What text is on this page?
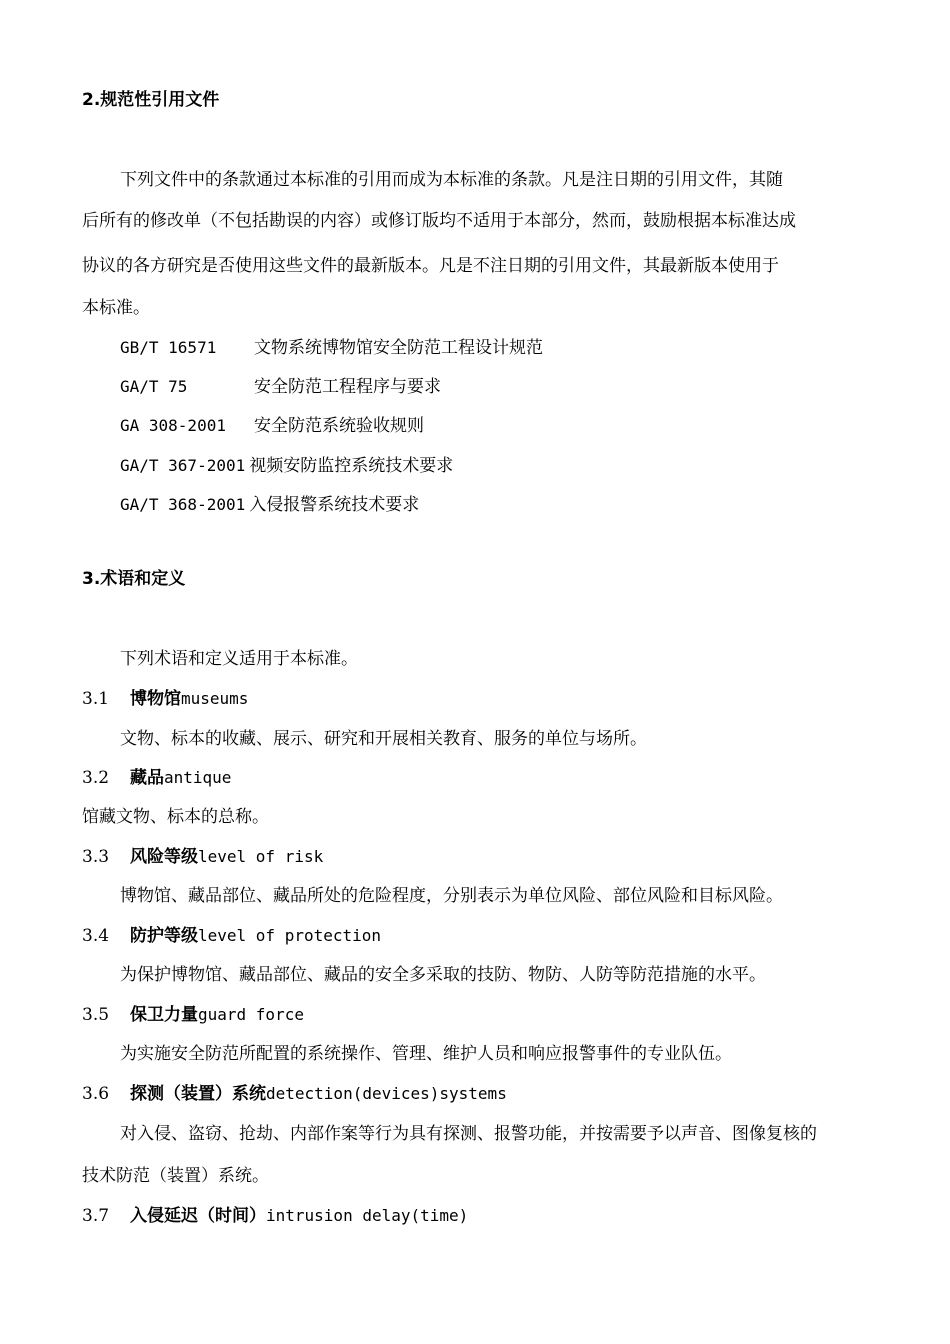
2.规范性引用文件
下列文件中的条款通过本标准的引用而成为本标准的条款。凡是注日期的引用文件，其随
后所有的修改单（不包括勘误的内容）或修订版均不适用于本部分，然而，鼓励根据本标准达成
协议的各方研究是否使用这些文件的最新版本。凡是不注日期的引用文件，其最新版本使用于
本标准。
GB/T 16571 文物系统博物馆安全防范工程设计规范
GA/T 75	安全防范工程程序与要求
GA 308-2001 安全防范系统验收规则
GA/T 367-2001 视频安防监控系统技术要求
GA/T 368-2001 入侵报警系统技术要求
3.术语和定义
下列术语和定义适用于本标准。
3.1 博物馆museums
文物、标本的收藏、展示、研究和开展相关教育、服务的单位与场所。
3.2 藏品antique
馆藏文物、标本的总称。
3.3 风险等级level of risk
博物馆、藏品部位、藏品所处的危险程度，分别表示为单位风险、部位风险和目标风险。
3.4 防护等级level of protection
为保护博物馆、藏品部位、藏品的安全多采取的技防、物防、人防等防范措施的水平。
3.5 保卫力量guard force
为实施安全防范所配置的系统操作、管理、维护人员和响应报警事件的专业队伍。
3.6 探测（装置）系统detection(devices)systems
对入侵、盗窃、抢劫、内部作案等行为具有探测、报警功能，并按需要予以声音、图像复核的
技术防范（装置）系统。
3.7 入侵延迟（时间）intrusion delay(time)
